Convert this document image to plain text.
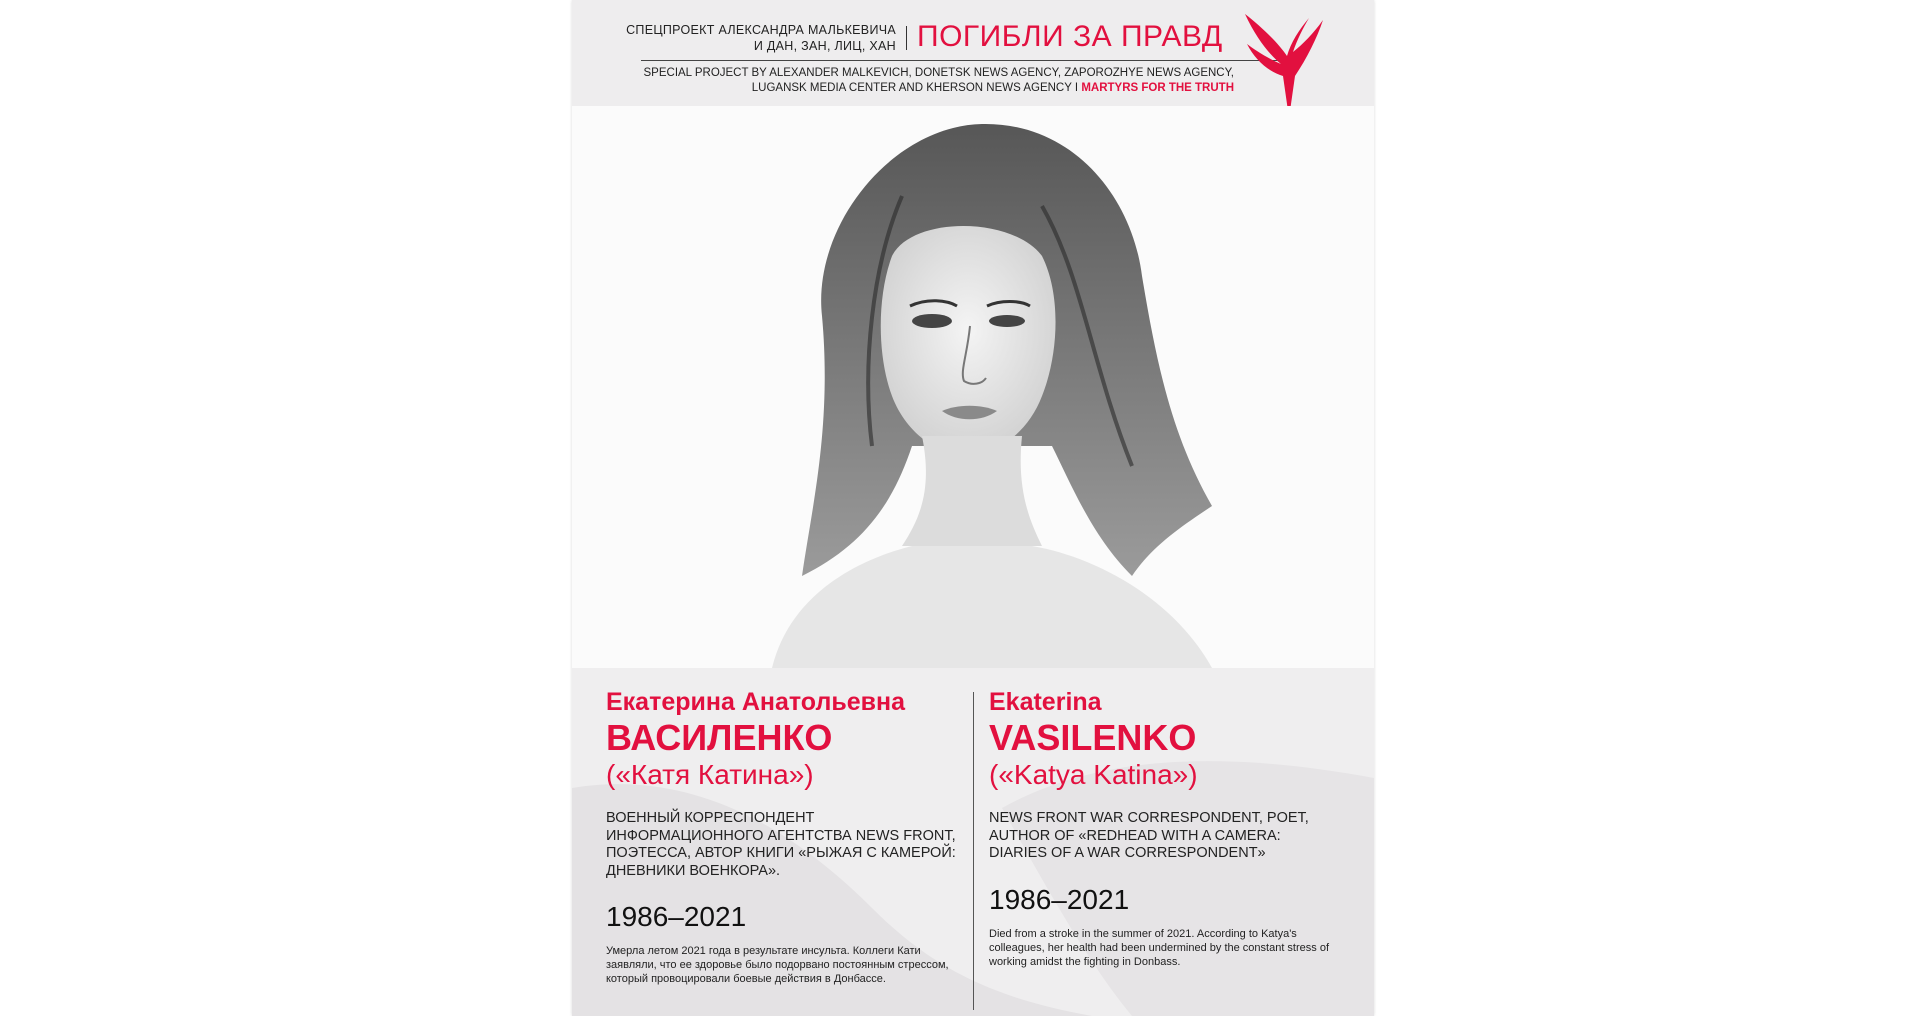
СПЕЦПРОЕКТ АЛЕКСАНДРА МАЛЬКЕВИЧА
И ДАН, ЗАН, ЛИЦ, ХАН ПОГИБЛИ ЗА ПРАВД
SPECIAL PROJECT BY ALEXANDER MALKEVICH, DONETSK NEWS AGENCY, ZAPOROZHYE NEWS AGENCY,
LUGANSK MEDIA CENTER AND KHERSON NEWS AGENCY I MARTYRS FOR THE TRUTH
Екатерина Анатольевна
ВАСИЛЕНКО
(«Катя Катина»)
ВОЕННЫЙ КОРРЕСПОНДЕНТ ИНФОРМАЦИОННОГО АГЕНТСТВА NEWS FRONT, ПОЭТЕССА, АВТОР КНИГИ «РЫЖАЯ С КАМЕРОЙ: ДНЕВНИКИ ВОЕНКОРА».
1986–2021
Умерла летом 2021 года в результате инсульта. Коллеги Кати заявляли, что ее здоровье было подорвано постоянным стрессом, который провоцировали боевые действия в Донбассе.
Ekaterina
VASILENKO
(«Katya Katina»)
NEWS FRONT WAR CORRESPONDENT, POET, AUTHOR OF «REDHEAD WITH A CAMERA: DIARIES OF A WAR CORRESPONDENT»
1986–2021
Died from a stroke in the summer of 2021. According to Katya's colleagues, her health had been undermined by the constant stress of working amidst the fighting in Donbass.
